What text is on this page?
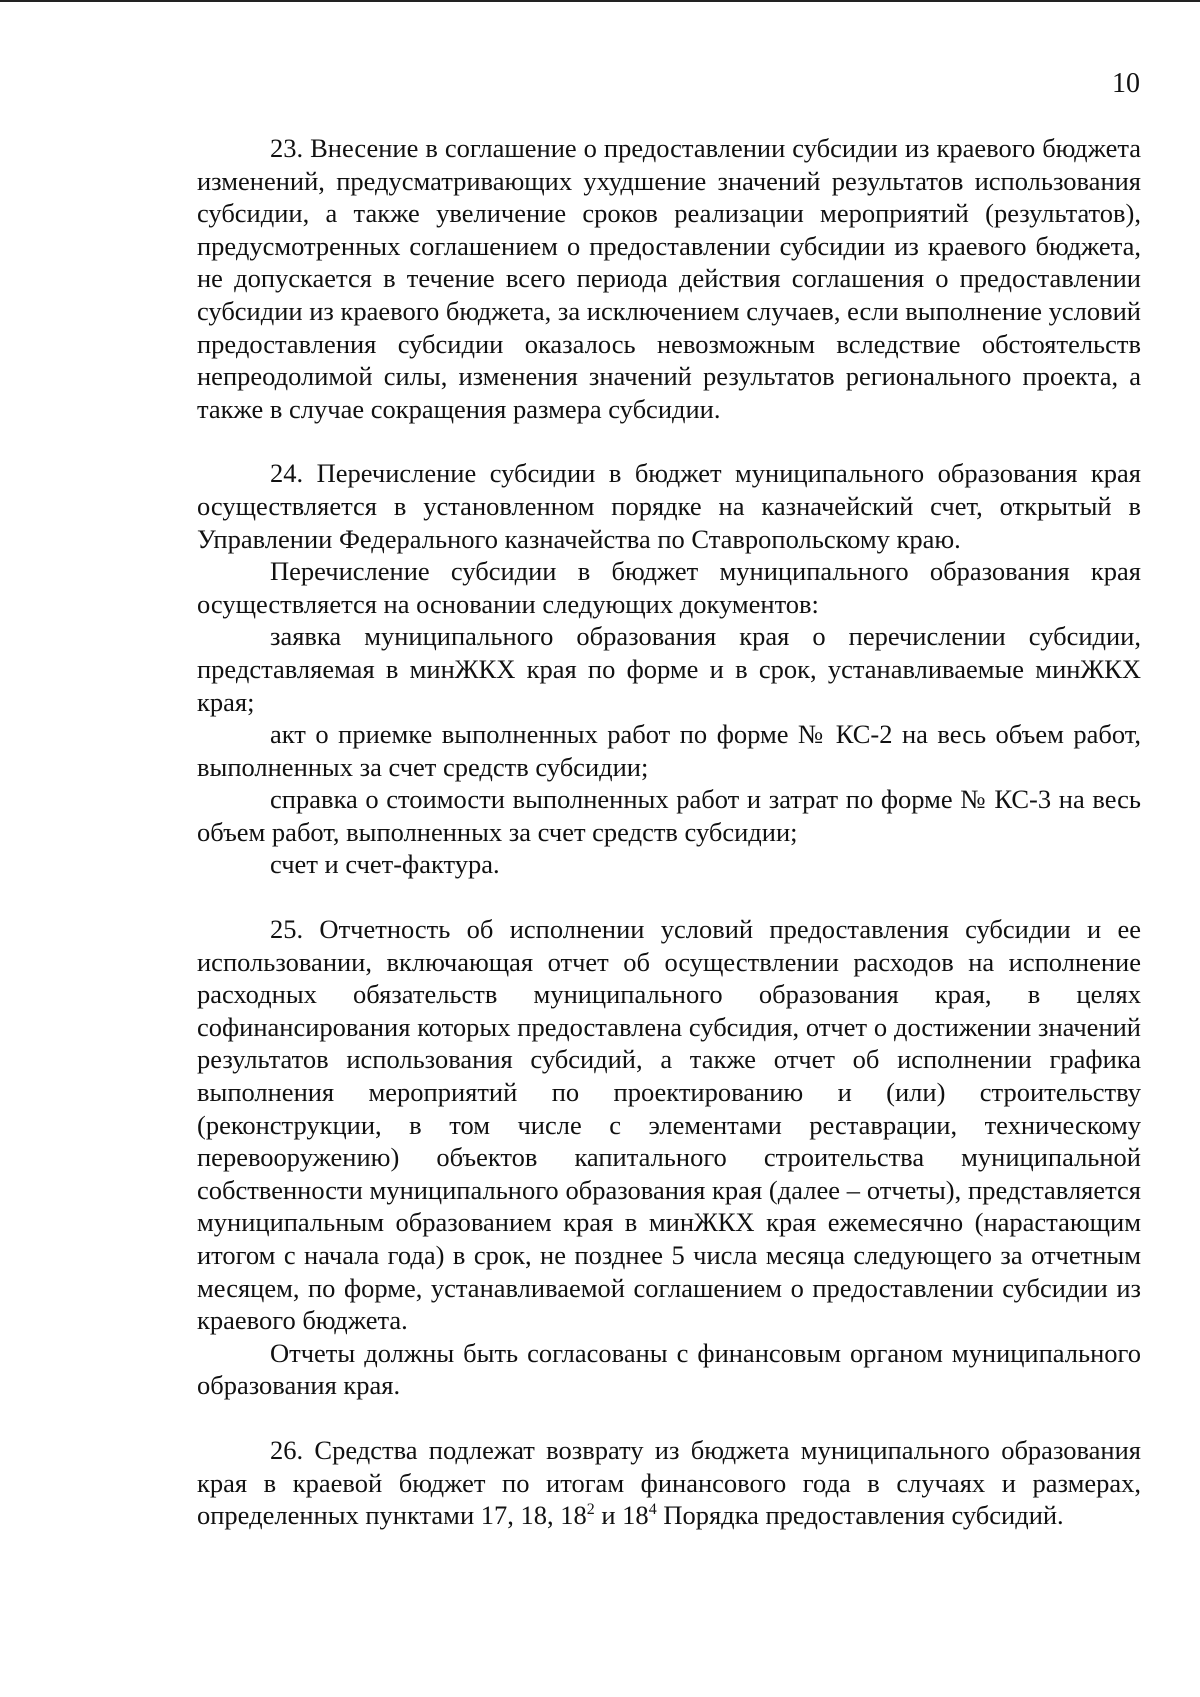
10

23. Внесение в соглашение о предоставлении субсидии из краевого бюджета изменений, предусматривающих ухудшение значений результатов использования субсидии, а также увеличение сроков реализации мероприятий (результатов), предусмотренных соглашением о предоставлении субсидии из краевого бюджета, не допускается в течение всего периода действия соглашения о предоставлении субсидии из краевого бюджета, за исключением случаев, если выполнение условий предоставления субсидии оказалось невозможным вследствие обстоятельств непреодолимой силы, изменения значений результатов регионального проекта, а также в случае сокращения размера субсидии.

24. Перечисление субсидии в бюджет муниципального образования края осуществляется в установленном порядке на казначейский счет, открытый в Управлении Федерального казначейства по Ставропольскому краю.

Перечисление субсидии в бюджет муниципального образования края осуществляется на основании следующих документов:

заявка муниципального образования края о перечислении субсидии, представляемая в минЖКХ края по форме и в срок, устанавливаемые минЖКХ края;

акт о приемке выполненных работ по форме № КС-2 на весь объем работ, выполненных за счет средств субсидии;

справка о стоимости выполненных работ и затрат по форме № КС-3 на весь объем работ, выполненных за счет средств субсидии;

счет и счет-фактура.

25. Отчетность об исполнении условий предоставления субсидии и ее использовании, включающая отчет об осуществлении расходов на исполнение расходных обязательств муниципального образования края, в целях софинансирования которых предоставлена субсидия, отчет о достижении значений результатов использования субсидий, а также отчет об исполнении графика выполнения мероприятий по проектированию и (или) строительству (реконструкции, в том числе с элементами реставрации, техническому перевооружению) объектов капитального строительства муниципальной собственности муниципального образования края (далее – отчеты), представляется муниципальным образованием края в минЖКХ края ежемесячно (нарастающим итогом с начала года) в срок, не позднее 5 числа месяца следующего за отчетным месяцем, по форме, устанавливаемой соглашением о предоставлении субсидии из краевого бюджета.

Отчеты должны быть согласованы с финансовым органом муниципального образования края.

26. Средства подлежат возврату из бюджета муниципального образования края в краевой бюджет по итогам финансового года в случаях и размерах, определенных пунктами 17, 18, $18^2$ и $18^4$ Порядка предоставления субсидий.
